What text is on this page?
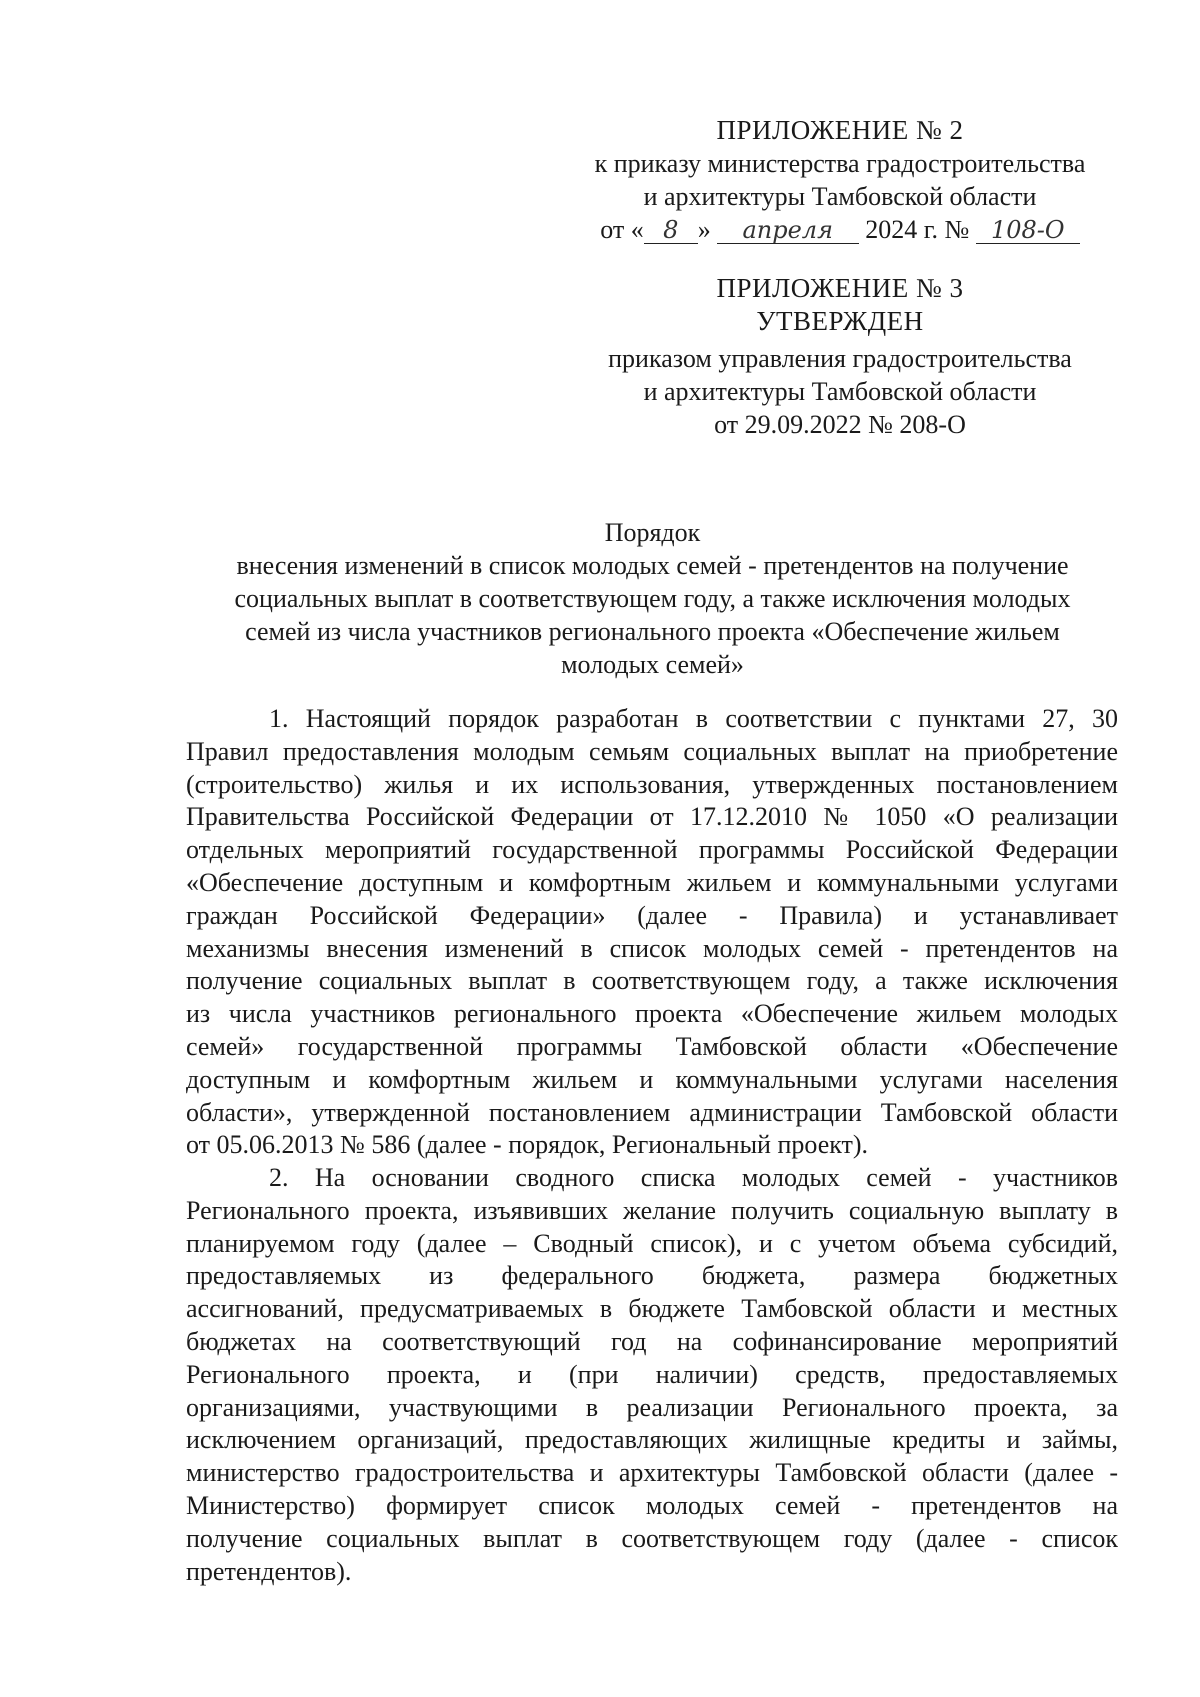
ПРИЛОЖЕНИЕ № 2
к приказу министерства градостроительства
и архитектуры Тамбовской области
от « 8 » апреля 2024 г. № 108-О
ПРИЛОЖЕНИЕ № 3
УТВЕРЖДЕН
приказом управления градостроительства
и архитектуры Тамбовской области
от 29.09.2022 № 208-О
Порядок
внесения изменений в список молодых семей - претендентов на получение
социальных выплат в соответствующем году, а также исключения молодых
семей из числа участников регионального проекта «Обеспечение жильем
молодых семей»
1. Настоящий порядок разработан в соответствии с пунктами 27, 30
Правил предоставления молодым семьям социальных выплат на приобретение
(строительство) жилья и их использования, утвержденных постановлением
Правительства Российской Федерации от 17.12.2010 № 1050 «О реализации
отдельных мероприятий государственной программы Российской Федерации
«Обеспечение доступным и комфортным жильем и коммунальными услугами
граждан Российской Федерации» (далее - Правила) и устанавливает
механизмы внесения изменений в список молодых семей - претендентов на
получение социальных выплат в соответствующем году, а также исключения
из числа участников регионального проекта «Обеспечение жильем молодых
семей» государственной программы Тамбовской области «Обеспечение
доступным и комфортным жильем и коммунальными услугами населения
области», утвержденной постановлением администрации Тамбовской области
от 05.06.2013 № 586 (далее - порядок, Региональный проект).
2. На основании сводного списка молодых семей - участников
Регионального проекта, изъявивших желание получить социальную выплату в
планируемом году (далее – Сводный список), и с учетом объема субсидий,
предоставляемых из федерального бюджета, размера бюджетных
ассигнований, предусматриваемых в бюджете Тамбовской области и местных
бюджетах на соответствующий год на софинансирование мероприятий
Регионального проекта, и (при наличии) средств, предоставляемых
организациями, участвующими в реализации Регионального проекта, за
исключением организаций, предоставляющих жилищные кредиты и займы,
министерство градостроительства и архитектуры Тамбовской области (далее -
Министерство) формирует список молодых семей - претендентов на
получение социальных выплат в соответствующем году (далее - список
претендентов).
